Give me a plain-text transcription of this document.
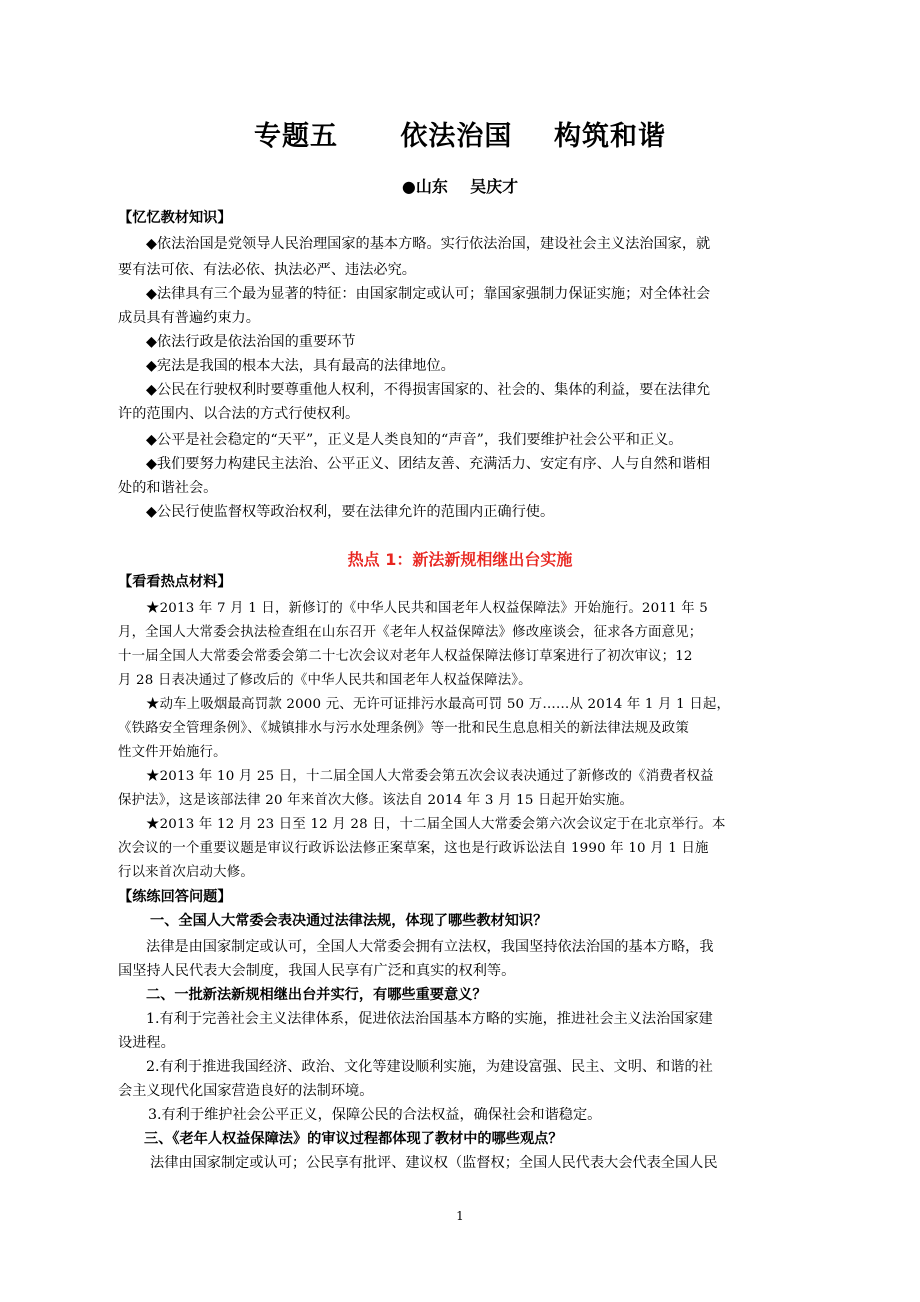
专题五      依法治国    构筑和谐
●山东    吴庆才
【忆忆教材知识】
◆依法治国是党领导人民治理国家的基本方略。实行依法治国，建设社会主义法治国家，就
要有法可依、有法必依、执法必严、违法必究。
◆法律具有三个最为显著的特征：由国家制定或认可；靠国家强制力保证实施；对全体社会
成员具有普遍约束力。
◆依法行政是依法治国的重要环节
◆宪法是我国的根本大法，具有最高的法律地位。
◆公民在行驶权利时要尊重他人权利，不得损害国家的、社会的、集体的利益，要在法律允
许的范围内、以合法的方式行使权利。
◆公平是社会稳定的“天平”，正义是人类良知的“声音”，我们要维护社会公平和正义。
◆我们要努力构建民主法治、公平正义、团结友善、充满活力、安定有序、人与自然和谐相
处的和谐社会。
◆公民行使监督权等政治权利，要在法律允许的范围内正确行使。
热点 1：新法新规相继出台实施
【看看热点材料】
★2013 年 7 月 1 日，新修订的《中华人民共和国老年人权益保障法》开始施行。2011 年 5
月，全国人大常委会执法检查组在山东召开《老年人权益保障法》修改座谈会，征求各方面意见；
十一届全国人大常委会常委会第二十七次会议对老年人权益保障法修订草案进行了初次审议；12
月 28 日表决通过了修改后的《中华人民共和国老年人权益保障法》。
★动车上吸烟最高罚款 2000 元、无许可证排污水最高可罚 50 万……从 2014 年 1 月 1 日起，
《铁路安全管理条例》、《城镇排水与污水处理条例》等一批和民生息息相关的新法律法规及政策
性文件开始施行。
★2013 年 10 月 25 日，十二届全国人大常委会第五次会议表决通过了新修改的《消费者权益
保护法》，这是该部法律 20 年来首次大修。该法自 2014 年 3 月 15 日起开始实施。
★2013 年 12 月 23 日至 12 月 28 日，十二届全国人大常委会第六次会议定于在北京举行。本
次会议的一个重要议题是审议行政诉讼法修正案草案，这也是行政诉讼法自 1990 年 10 月 1 日施
行以来首次启动大修。
【练练回答问题】
一、全国人大常委会表决通过法律法规，体现了哪些教材知识？
法律是由国家制定或认可，全国人大常委会拥有立法权，我国坚持依法治国的基本方略，我
国坚持人民代表大会制度，我国人民享有广泛和真实的权利等。
二、一批新法新规相继出台并实行，有哪些重要意义？
1.有利于完善社会主义法律体系，促进依法治国基本方略的实施，推进社会主义法治国家建
设进程。
2.有利于推进我国经济、政治、文化等建设顺利实施，为建设富强、民主、文明、和谐的社
会主义现代化国家营造良好的法制环境。
3.有利于维护社会公平正义，保障公民的合法权益，确保社会和谐稳定。
三、《老年人权益保障法》的审议过程都体现了教材中的哪些观点？
法律由国家制定或认可；公民享有批评、建议权（监督权；全国人民代表大会代表全国人民
1
